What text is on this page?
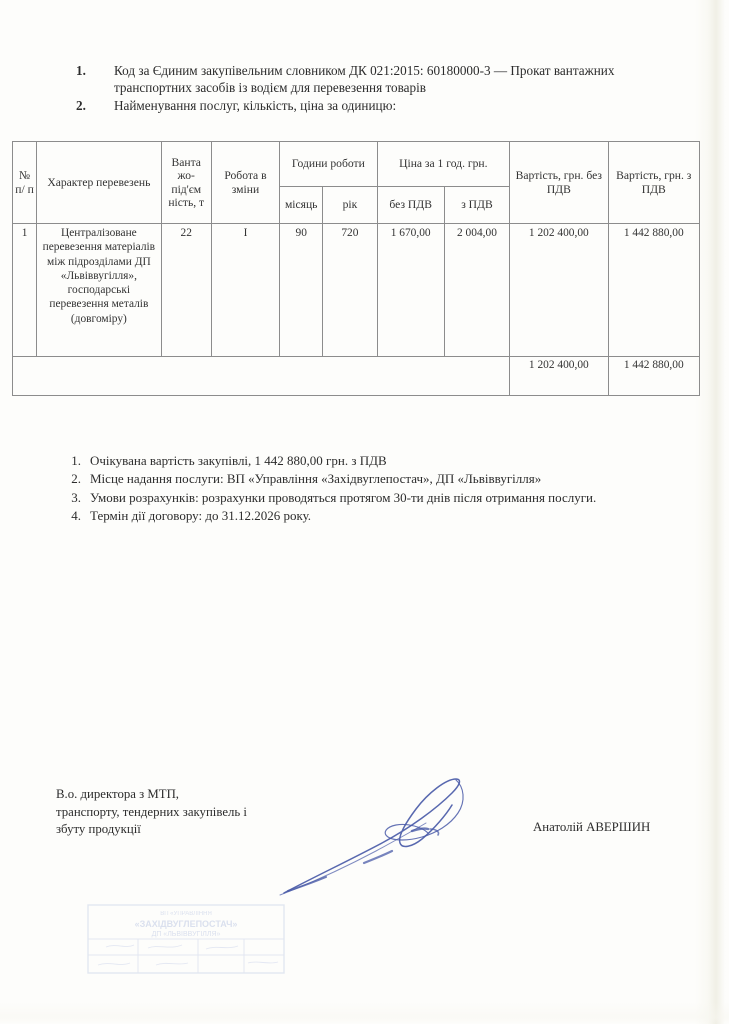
1.	Код за Єдиним закупівельним словником ДК 021:2015: 60180000-3 — Прокат вантажних транспортних засобів із водієм для перевезення товарів
2.	Найменування послуг, кількість, ціна за одиницю:
№ п/ п	Характер перевезень	Ванта жо- під'єм ність, т	Робота в зміни	Години роботи		Ціна за 1 год. грн.		Вартість, грн. без ПДВ	Вартість, грн. з ПДВ
				місяць	рік	без ПДВ	з ПДВ		
1	Централізоване перевезення матеріалів між підрозділами ДП «Львіввугілля», господарські перевезення металів (довгоміру)	22	I	90	720	1 670,00	2 004,00	1 202 400,00	1 442 880,00
								1 202 400,00	1 442 880,00
1. Очікувана вартість закупівлі, 1 442 880,00 грн. з ПДВ
2. Місце надання послуги: ВП «Управління «Західвуглепостач», ДП «Львіввугілля»
3. Умови розрахунків: розрахунки проводяться протягом 30-ти днів після отримання послуги.
4. Термін дії договору: до 31.12.2026 року.
В.о. директора з МТП,
транспорту, тендерних закупівель і
збуту продукції	Анатолій АВЕРШИН
ВП «УПРАВЛІННЯ
«ЗАХІДВУГЛЕПОСТАЧ»
ДП «ЛЬВІВВУГІЛЛЯ»
